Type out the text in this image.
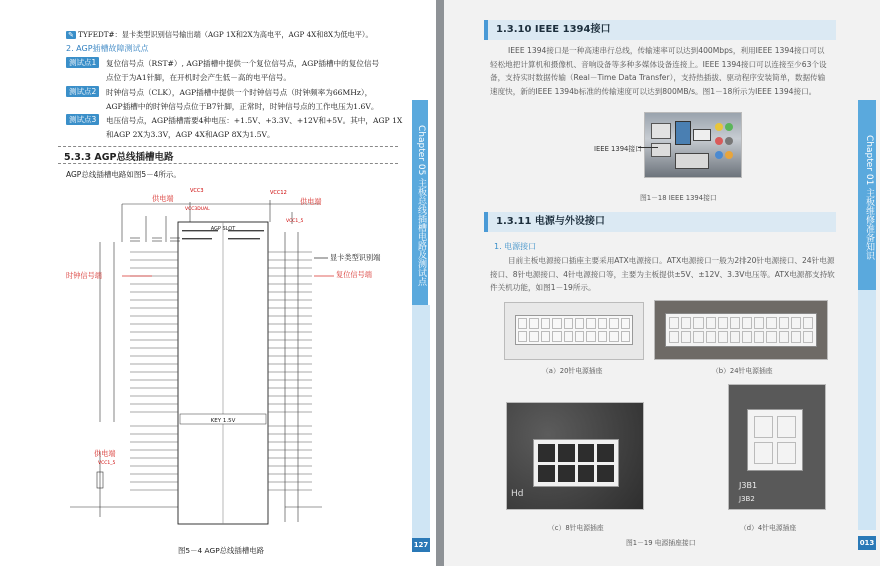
✎ TYFEDT#：显卡类型识别信号输出端（AGP 1X和2X为高电平，AGP 4X和8X为低电平）。
2. AGP插槽故障测试点
测试点1	复位信号点（RST#）, AGP插槽中提供一个复位信号点，AGP插槽中的复位信号
点位于为A1针脚，在开机时会产生低－高的电平信号。
测试点2	时钟信号点（CLK），AGP插槽中提供一个时钟信号点（时钟频率为66MHz），
AGP插槽中的时钟信号点位于B7针脚，正常时，时钟信号点的工作电压为1.6V。
测试点3	电压信号点，AGP插槽需要4种电压：+1.5V、+3.3V、+12V和+5V。其中，AGP 1X
和AGP 2X为3.3V，AGP 4X和AGP 8X为1.5V。
5.3.3 AGP总线插槽电路
AGP总线插槽电路如图5－4所示。
KEY 1.5V
AGP SLOT
VCC3
VCC3DUAL
VCC12
VCC1_5
VCC1_5
供电端	供电端
供电端
时钟信号端
显卡类型识别端
复位信号端
图5－4 AGP总线插槽电路
Chapter 05 主板总线插槽电路及测试点
127
1.3.10 IEEE 1394接口
IEEE 1394接口是一种高速串行总线，传输速率可以达到400Mbps，利用IEEE 1394接口可以轻松地把计算机和摄像机、音响设备等多种多媒体设备连接上。IEEE 1394接口可以连接至少63个设备，支持实时数据传输（Real－Time Data Transfer），支持热插拔、驱动程序安装简单，数据传输速度快，新的IEEE 1394b标准的传输速度可以达到800MB/s。图1－18所示为IEEE 1394接口。
IEEE 1394接口
图1－18 IEEE 1394接口
1.3.11 电源与外设接口
1. 电源接口
目前主板电源接口插座主要采用ATX电源接口。ATX电源接口一般为2排20针电源接口、24针电源接口、8针电源接口、4针电源接口等，主要为主板提供±5V、±12V、3.3V电压等。ATX电源都支持软件关机功能，如图1－19所示。
（a）20针电源插座	（b）24针电源插座
Hd
J3B1
J3B2
（c）8针电源插座	（d）4针电源插座
图1－19 电源插座接口
Chapter 01 主板维修准备知识
013
